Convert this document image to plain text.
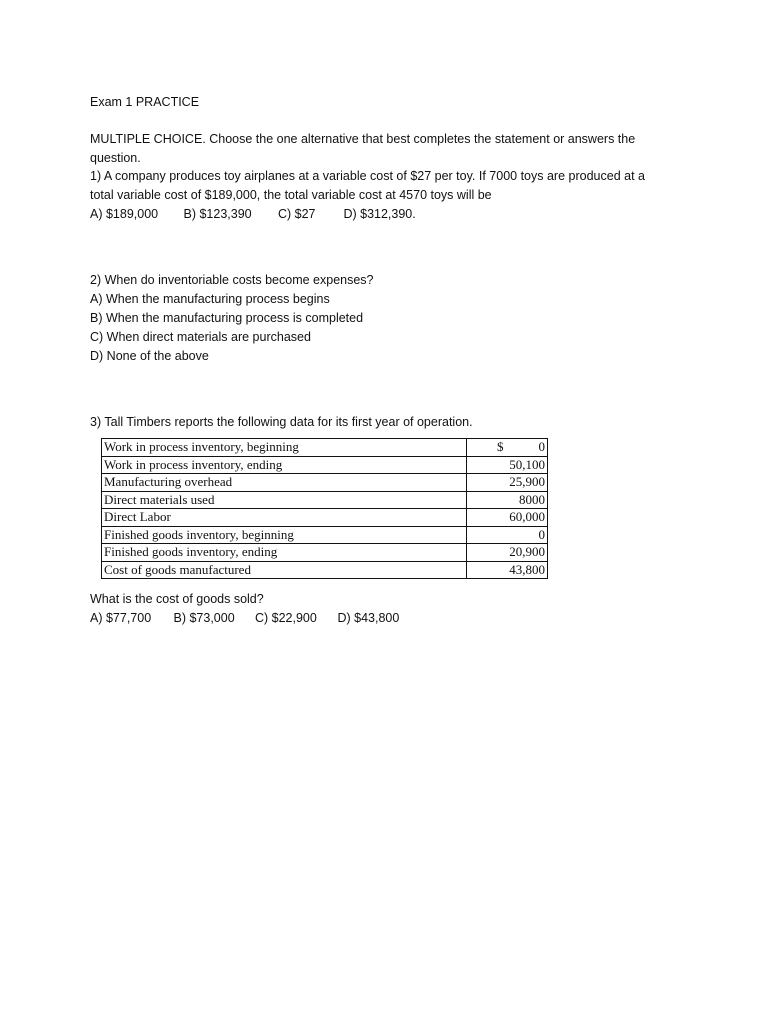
Exam 1 PRACTICE
MULTIPLE CHOICE. Choose the one alternative that best completes the statement or answers the
question.
1) A company produces toy airplanes at a variable cost of $27 per toy. If 7000 toys are produced at a
total variable cost of $189,000, the total variable cost at 4570 toys will be
A) $189,000 B) $123,390 C) $27 D) $312,390.
2) When do inventoriable costs become expenses?
A) When the manufacturing process begins
B) When the manufacturing process is completed
C) When direct materials are purchased
D) None of the above
3) Tall Timbers reports the following data for its first year of operation.
Work in process inventory, beginning	$ 0
Work in process inventory, ending	50,100
Manufacturing overhead	25,900
Direct materials used	8000
Direct Labor	60,000
Finished goods inventory, beginning	0
Finished goods inventory, ending	20,900
Cost of goods manufactured	43,800
What is the cost of goods sold?
A) $77,700 B) $73,000 C) $22,900 D) $43,800
